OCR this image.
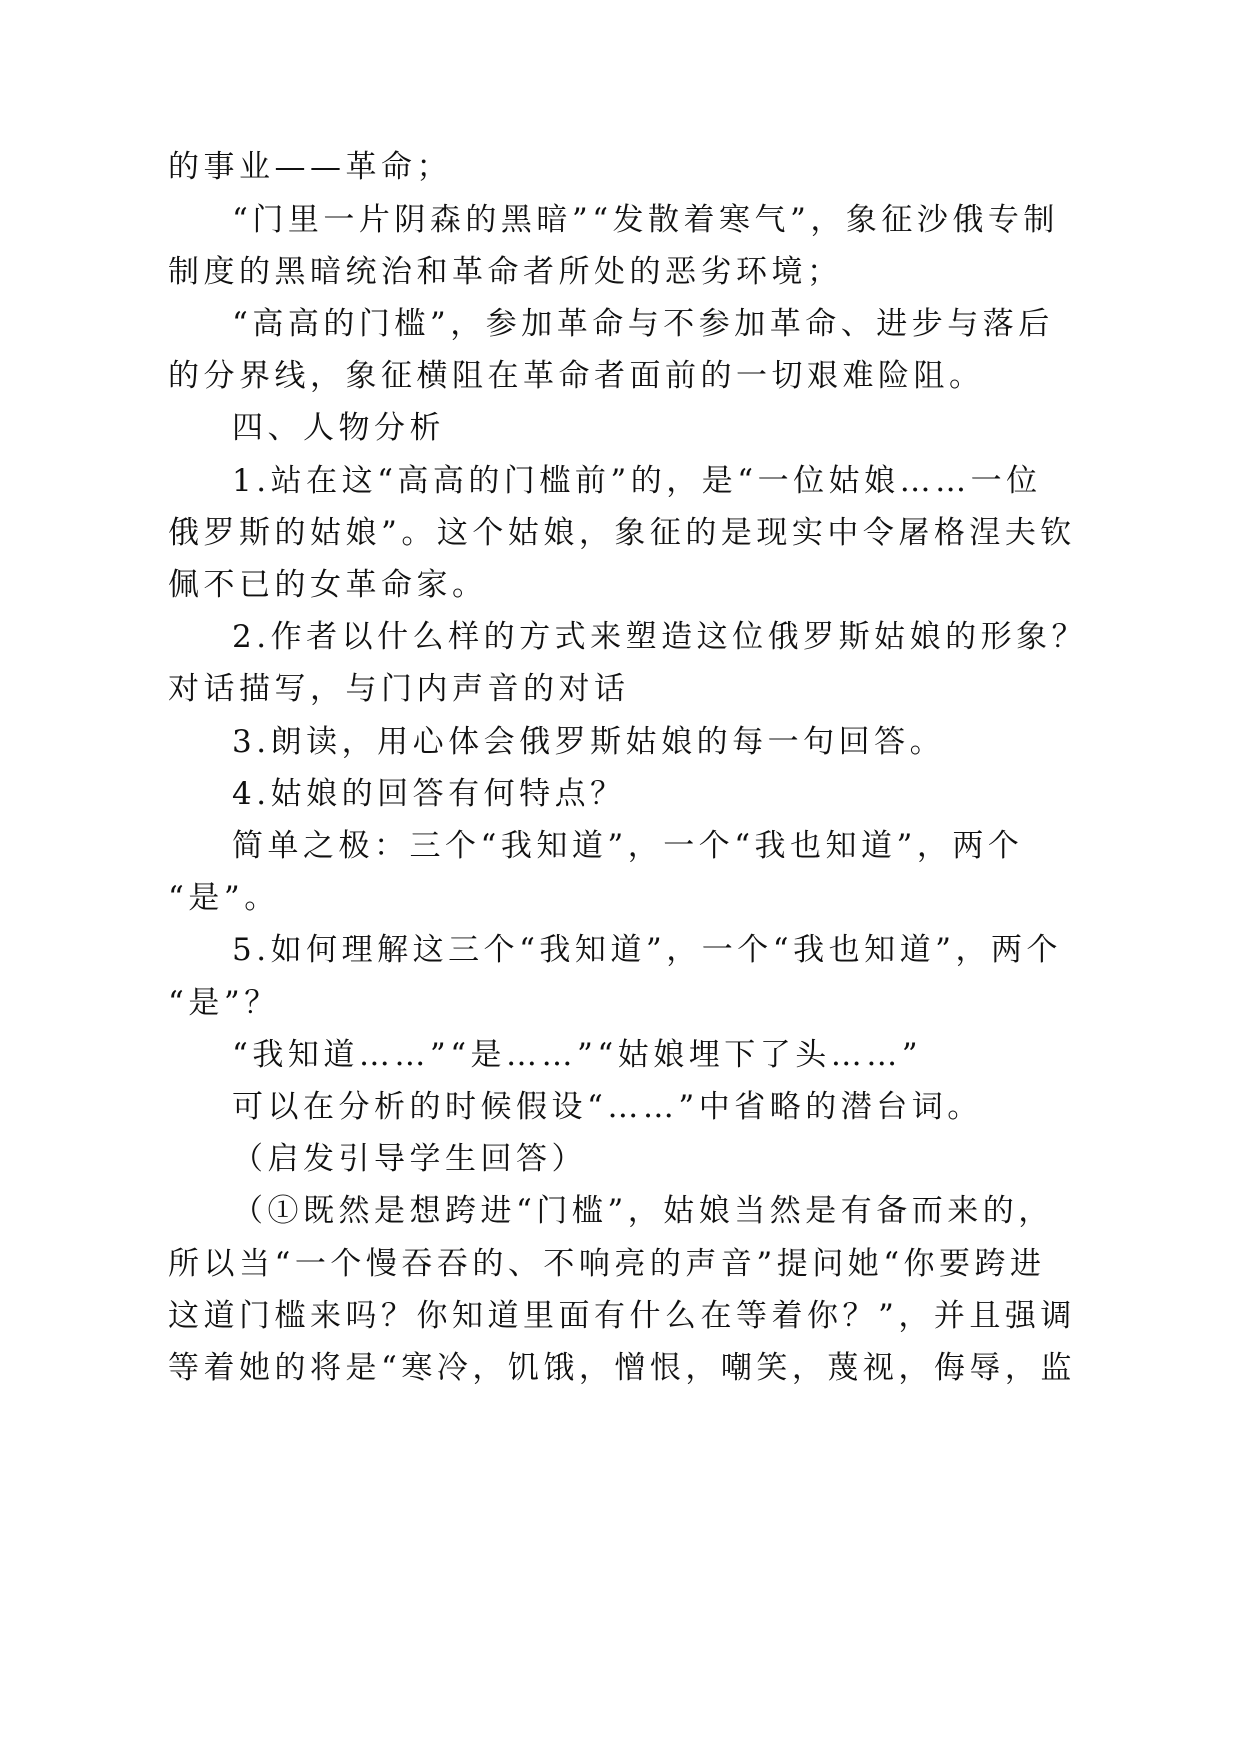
的事业——革命；
“门里一片阴森的黑暗”“发散着寒气”，象征沙俄专制
制度的黑暗统治和革命者所处的恶劣环境；
“高高的门槛”，参加革命与不参加革命、进步与落后
的分界线，象征横阻在革命者面前的一切艰难险阻。
四、人物分析
1.站在这“高高的门槛前”的，是“一位姑娘……一位
俄罗斯的姑娘”。这个姑娘，象征的是现实中令屠格涅夫钦
佩不已的女革命家。
2.作者以什么样的方式来塑造这位俄罗斯姑娘的形象？
对话描写，与门内声音的对话
3.朗读，用心体会俄罗斯姑娘的每一句回答。
4.姑娘的回答有何特点？
简单之极：三个“我知道”，一个“我也知道”，两个
“是”。
5.如何理解这三个“我知道”，一个“我也知道”，两个
“是”？
“我知道……”“是……”“姑娘埋下了头……”
可以在分析的时候假设“……”中省略的潜台词。
（启发引导学生回答）
（①既然是想跨进“门槛”，姑娘当然是有备而来的，
所以当“一个慢吞吞的、不响亮的声音”提问她“你要跨进
这道门槛来吗？你知道里面有什么在等着你？”，并且强调
等着她的将是“寒冷，饥饿，憎恨，嘲笑，蔑视，侮辱，监
